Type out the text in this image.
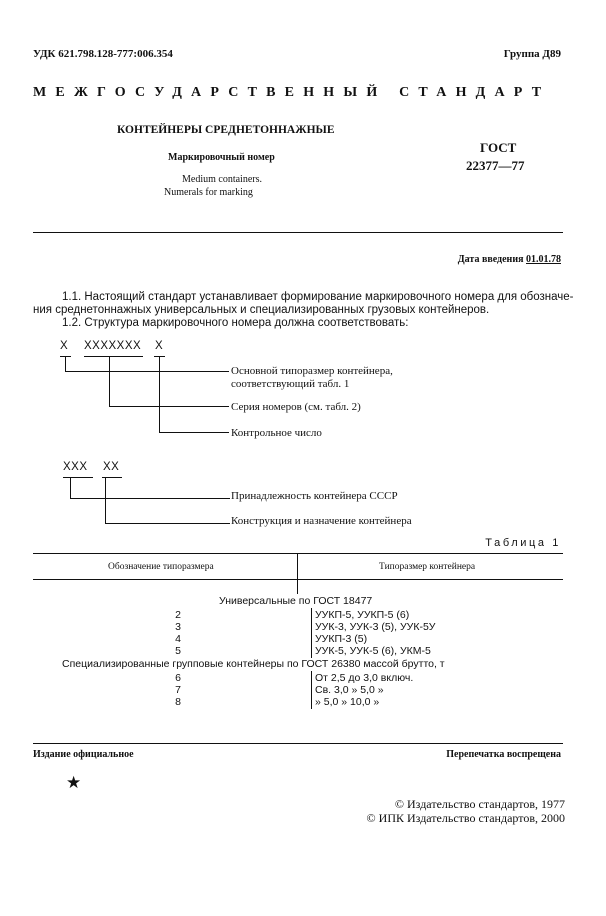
УДК 621.798.128-777:006.354	Группа Д89
МЕЖГОСУДАРСТВЕННЫЙ СТАНДАРТ
КОНТЕЙНЕРЫ СРЕДНЕТОННАЖНЫЕ
Маркировочный номер
Medium containers.
Numerals for marking
ГОСТ
22377—77
Дата введения 01.01.78
1.1. Настоящий стандарт устанавливает формирование маркировочного номера для обозначе-
ния среднетоннажных универсальных и специализированных грузовых контейнеров.
1.2. Структура маркировочного номера должна соответствовать:
Х ХХХХХХХ Х
Основной типоразмер контейнера,
соответствующий табл. 1
Серия номеров (см. табл. 2)
Контрольное число
ХХХ ХХ
Принадлежность контейнера СССР
Конструкция и назначение контейнера
Таблица 1
Обозначение типоразмера	Типоразмер контейнера
Универсальные по ГОСТ 18477
2	УУКП-5, УУКП-5 (6)
3	УУК-3, УУК-3 (5), УУК-5У
4	УУКП-3 (5)
5	УУК-5, УУК-5 (6), УКМ-5
Специализированные групповые контейнеры по ГОСТ 26380 массой брутто, т
6	От 2,5 до 3,0 включ.
7	Св. 3,0 » 5,0 »
8	» 5,0 » 10,0 »
Издание официальное	Перепечатка воспрещена
★
© Издательство стандартов, 1977
© ИПК Издательство стандартов, 2000
